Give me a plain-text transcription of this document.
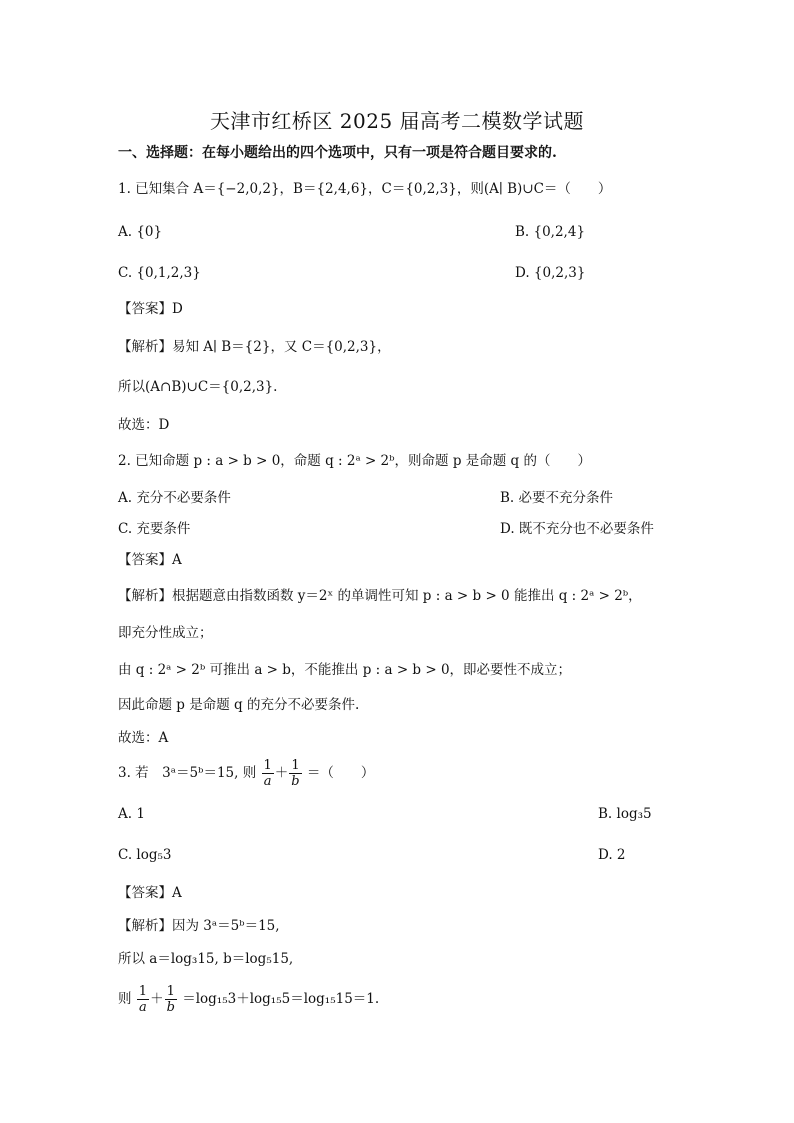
天津市红桥区 2025 届高考二模数学试题
一、选择题：在每小题给出的四个选项中，只有一项是符合题目要求的.
1. 已知集合 A＝{−2,0,2}，B＝{2,4,6}，C＝{0,2,3}，则(A∣ B)∪C＝（　　）
A. {0}	B. {0,2,4}
C. {0,1,2,3}	D. {0,2,3}
【答案】D
【解析】易知 A∣ B＝{2}，又 C＝{0,2,3}，
所以(A∩B)∪C＝{0,2,3}.
故选：D
2. 已知命题 p : a > b > 0，命题 q : 2ᵃ > 2ᵇ，则命题 p 是命题 q 的（　　）
A. 充分不必要条件	B. 必要不充分条件
C. 充要条件	D. 既不充分也不必要条件
【答案】A
【解析】根据题意由指数函数 y＝2ˣ 的单调性可知 p : a > b > 0 能推出 q : 2ᵃ > 2ᵇ，
即充分性成立；
由 q : 2ᵃ > 2ᵇ 可推出 a > b，不能推出 p : a > b > 0，即必要性不成立；
因此命题 p 是命题 q 的充分不必要条件.
故选：A
3. 若　3ᵃ＝5ᵇ＝15, 则 $\frac{1}{a} + \frac{1}{b}$ ＝（　　）
A. 1	B. log₃5
C. log₅3	D. 2
【答案】A
【解析】因为 3ᵃ＝5ᵇ＝15,
所以 a＝log₃15, b＝log₅15,
则 $\frac{1}{a} + \frac{1}{b} =\log_{15}3+\log_{15}5=\log_{15}15=1$.
